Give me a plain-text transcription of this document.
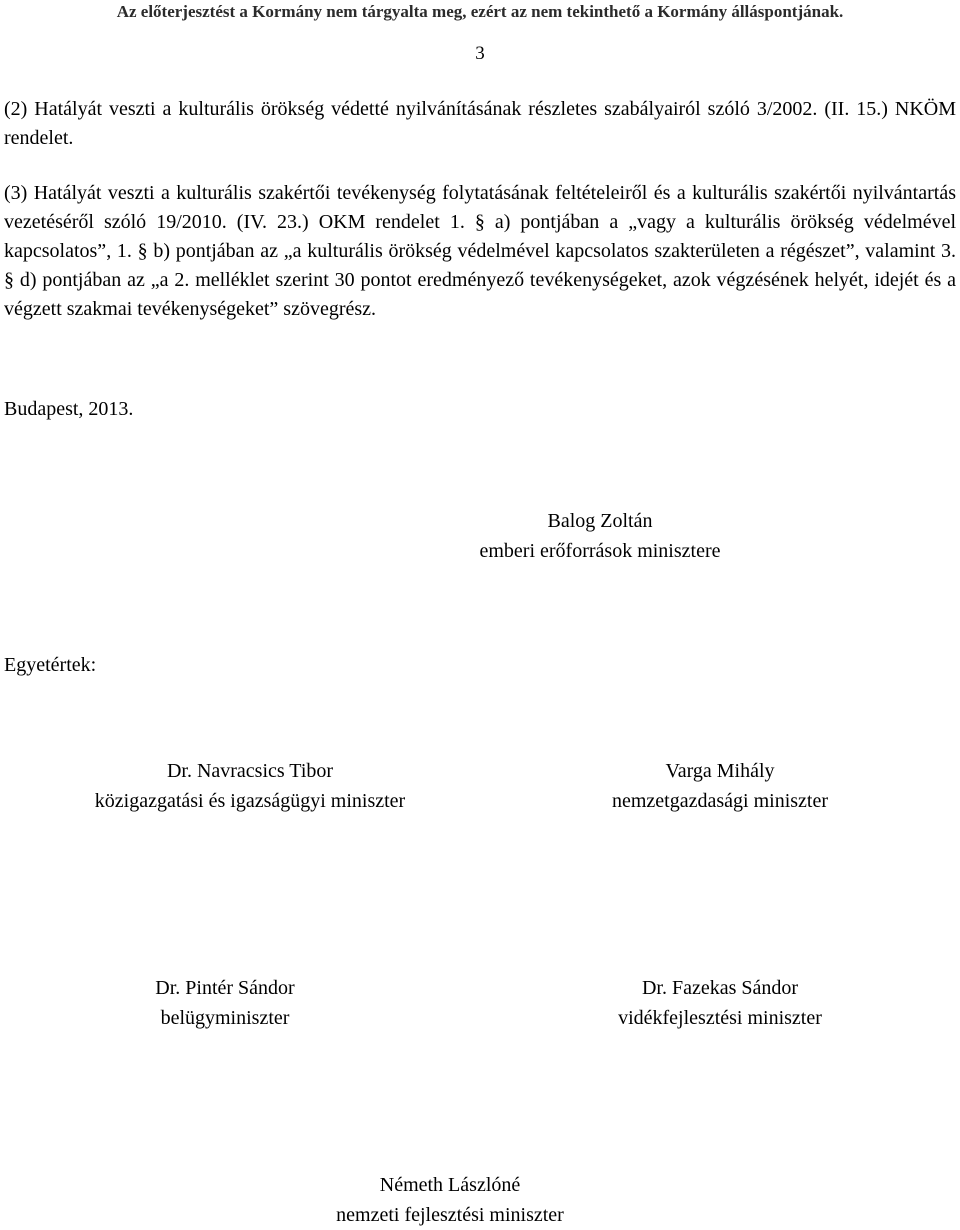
Az előterjesztést a Kormány nem tárgyalta meg, ezért az nem tekinthető a Kormány álláspontjának.
3
(2) Hatályát veszti a kulturális örökség védetté nyilvánításának részletes szabályairól szóló 3/2002. (II. 15.) NKÖM rendelet.
(3) Hatályát veszti a kulturális szakértői tevékenység folytatásának feltételeiről és a kulturális szakértői nyilvántartás vezetéséről szóló 19/2010. (IV. 23.) OKM rendelet 1. § a) pontjában a „vagy a kulturális örökség védelmével kapcsolatos”, 1. § b) pontjában az „a kulturális örökség védelmével kapcsolatos szakterületen a régészet”, valamint 3. § d) pontjában az „a 2. melléklet szerint 30 pontot eredményező tevékenységeket, azok végzésének helyét, idejét és a végzett szakmai tevékenységeket” szövegrész.
Budapest, 2013.
Balog Zoltán
emberi erőforrások minisztere
Egyetértek:
Dr. Navracsics Tibor
közigazgatási és igazságügyi miniszter
Varga Mihály
nemzetgazdasági miniszter
Dr. Pintér Sándor
belügyminiszter
Dr. Fazekas Sándor
vidékfejlesztési miniszter
Németh Lászlóné
nemzeti fejlesztési miniszter
